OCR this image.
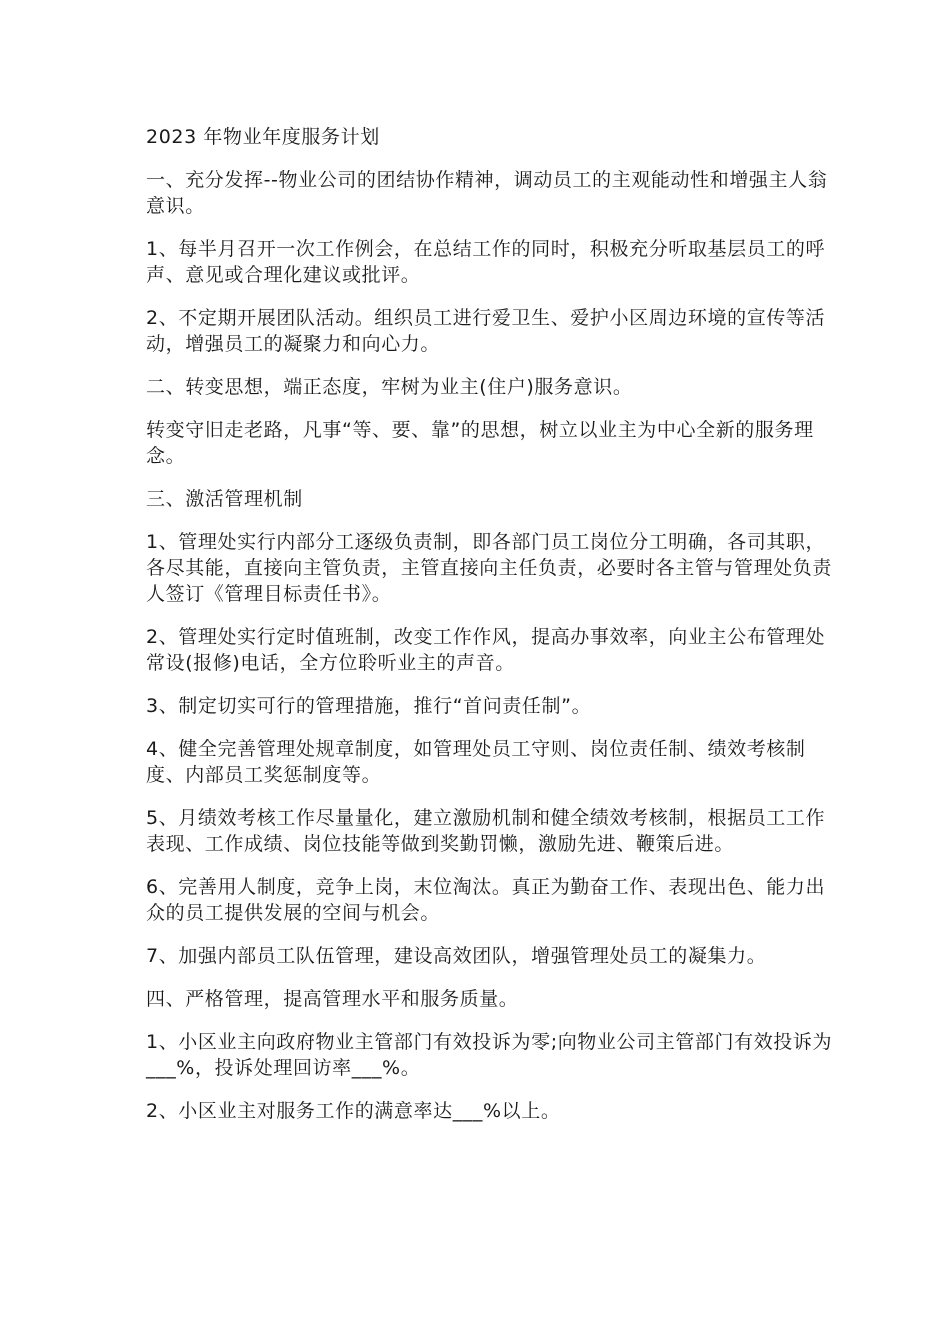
2023 年物业年度服务计划

一、充分发挥--物业公司的团结协作精神，调动员工的主观能动性和增强主人翁意识。

1、每半月召开一次工作例会，在总结工作的同时，积极充分听取基层员工的呼声、意见或合理化建议或批评。

2、不定期开展团队活动。组织员工进行爱卫生、爱护小区周边环境的宣传等活动，增强员工的凝聚力和向心力。

二、转变思想，端正态度，牢树为业主(住户)服务意识。

转变守旧走老路，凡事“等、要、靠”的思想，树立以业主为中心全新的服务理念。

三、激活管理机制

1、管理处实行内部分工逐级负责制，即各部门员工岗位分工明确，各司其职，各尽其能，直接向主管负责，主管直接向主任负责，必要时各主管与管理处负责人签订《管理目标责任书》。

2、管理处实行定时值班制，改变工作作风，提高办事效率，向业主公布管理处常设(报修)电话，全方位聆听业主的声音。

3、制定切实可行的管理措施，推行“首问责任制”。

4、健全完善管理处规章制度，如管理处员工守则、岗位责任制、绩效考核制度、内部员工奖惩制度等。

5、月绩效考核工作尽量量化，建立激励机制和健全绩效考核制，根据员工工作表现、工作成绩、岗位技能等做到奖勤罚懒，激励先进、鞭策后进。

6、完善用人制度，竞争上岗，末位淘汰。真正为勤奋工作、表现出色、能力出众的员工提供发展的空间与机会。

7、加强内部员工队伍管理，建设高效团队，增强管理处员工的凝集力。

四、严格管理，提高管理水平和服务质量。

1、小区业主向政府物业主管部门有效投诉为零;向物业公司主管部门有效投诉为___%，投诉处理回访率___%。

2、小区业主对服务工作的满意率达___%以上。
